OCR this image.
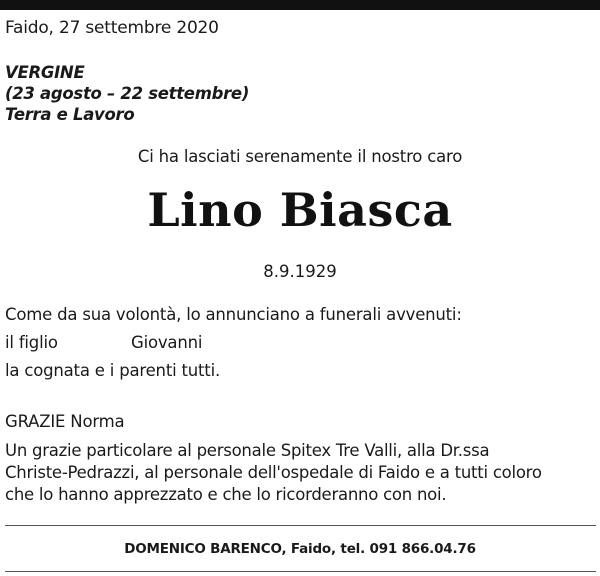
Faido, 27 settembre 2020
VERGINE
(23 agosto – 22 settembre)
Terra e Lavoro
Ci ha lasciati serenamente il nostro caro
Lino Biasca
8.9.1929
Come da sua volontà, lo annunciano a funerali avvenuti:
il figlio	Giovanni
la cognata e i parenti tutti.
GRAZIE Norma
Un grazie particolare al personale Spitex Tre Valli, alla Dr.ssa
Christe-Pedrazzi, al personale dell'ospedale di Faido e a tutti coloro
che lo hanno apprezzato e che lo ricorderanno con noi.
DOMENICO BARENCO, Faido, tel. 091 866.04.76
